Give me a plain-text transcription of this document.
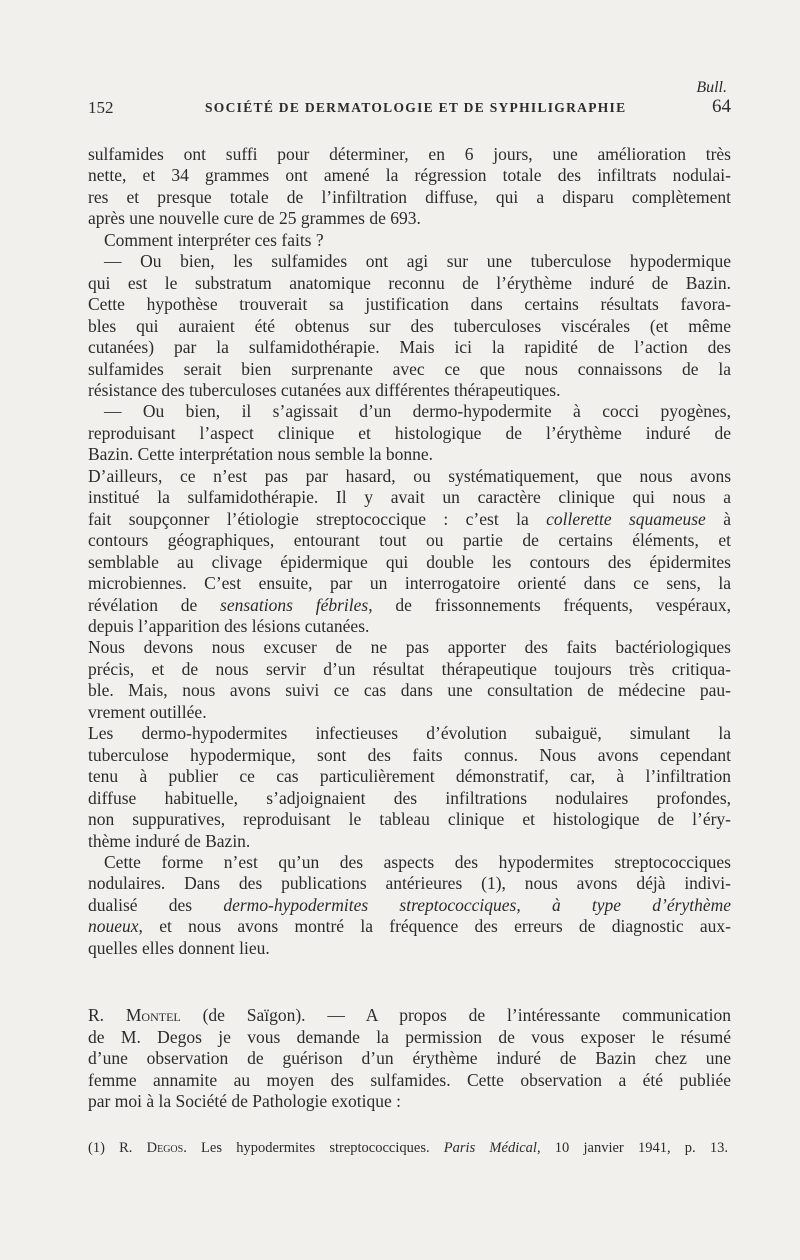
Bull.
152	SOCIÉTÉ DE DERMATOLOGIE ET DE SYPHILIGRAPHIE	64
sulfamides ont suffi pour déterminer, en 6 jours, une amélioration très
nette, et 34 grammes ont amené la régression totale des infiltrats nodulai-
res et presque totale de l’infiltration diffuse, qui a disparu complètement
après une nouvelle cure de 25 grammes de 693.
Comment interpréter ces faits ?
— Ou bien, les sulfamides ont agi sur une tuberculose hypodermique
qui est le substratum anatomique reconnu de l’érythème induré de Bazin.
Cette hypothèse trouverait sa justification dans certains résultats favora-
bles qui auraient été obtenus sur des tuberculoses viscérales (et même
cutanées) par la sulfamidothérapie. Mais ici la rapidité de l’action des
sulfamides serait bien surprenante avec ce que nous connaissons de la
résistance des tuberculoses cutanées aux différentes thérapeutiques.
— Ou bien, il s’agissait d’un dermo-hypodermite à cocci pyogènes,
reproduisant l’aspect clinique et histologique de l’érythème induré de
Bazin. Cette interprétation nous semble la bonne.
D’ailleurs, ce n’est pas par hasard, ou systématiquement, que nous avons
institué la sulfamidothérapie. Il y avait un caractère clinique qui nous a
fait soupçonner l’étiologie streptococcique : c’est la collerette squameuse à
contours géographiques, entourant tout ou partie de certains éléments, et
semblable au clivage épidermique qui double les contours des épidermites
microbiennes. C’est ensuite, par un interrogatoire orienté dans ce sens, la
révélation de sensations fébriles, de frissonnements fréquents, vespéraux,
depuis l’apparition des lésions cutanées.
Nous devons nous excuser de ne pas apporter des faits bactériologiques
précis, et de nous servir d’un résultat thérapeutique toujours très critiqua-
ble. Mais, nous avons suivi ce cas dans une consultation de médecine pau-
vrement outillée.
Les dermo-hypodermites infectieuses d’évolution subaiguë, simulant la
tuberculose hypodermique, sont des faits connus. Nous avons cependant
tenu à publier ce cas particulièrement démonstratif, car, à l’infiltration
diffuse habituelle, s’adjoignaient des infiltrations nodulaires profondes,
non suppuratives, reproduisant le tableau clinique et histologique de l’éry-
thème induré de Bazin.
Cette forme n’est qu’un des aspects des hypodermites streptococciques
nodulaires. Dans des publications antérieures (1), nous avons déjà indivi-
dualisé des dermo-hypodermites streptococciques, à type d’érythème
noueux, et nous avons montré la fréquence des erreurs de diagnostic aux-
quelles elles donnent lieu.
R. Montel (de Saïgon). — A propos de l’intéressante communication
de M. Degos je vous demande la permission de vous exposer le résumé
d’une observation de guérison d’un érythème induré de Bazin chez une
femme annamite au moyen des sulfamides. Cette observation a été publiée
par moi à la Société de Pathologie exotique :
(1) R. Degos. Les hypodermites streptococciques. Paris Médical, 10 janvier 1941, p. 13.
